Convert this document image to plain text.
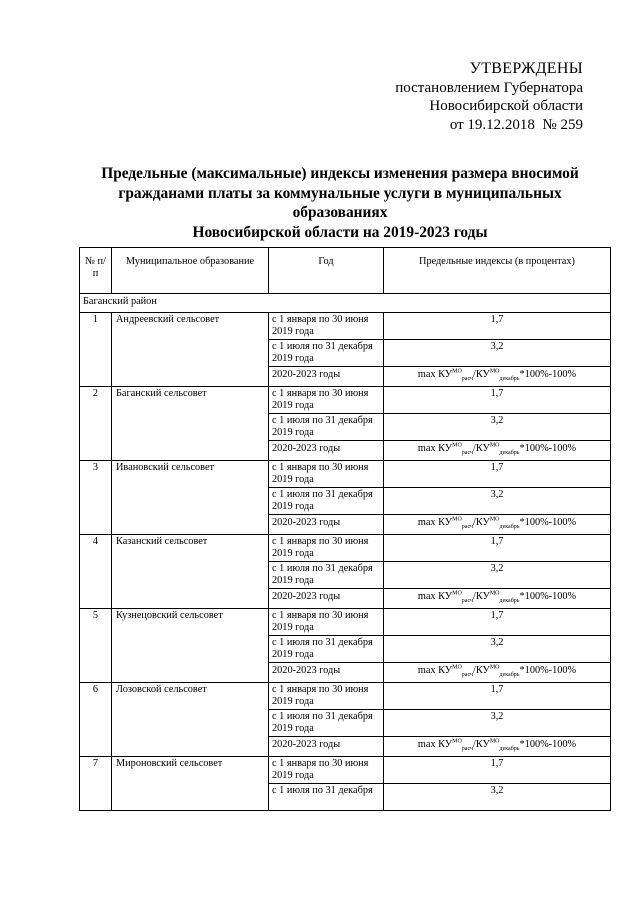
УТВЕРЖДЕНЫ
постановлением Губернатора
Новосибирской области
от 19.12.2018  № 259
Предельные (максимальные) индексы изменения размера вносимой
гражданами платы за коммунальные услуги в муниципальных образованиях
Новосибирской области на 2019-2023 годы
№ п/п	Муниципальное образование	Год	Предельные индексы (в процентах)
Баганский район			
1	Андреевский сельсовет	с 1 января по 30 июня 2019 года	1,7
		с 1 июля по 31 декабря 2019 года	3,2
		2020-2023 годы	$\max КУ^{МО}_{расч}/КУ^{МО}_{декабрь}*100\%-100\%$
2	Баганский сельсовет	с 1 января по 30 июня 2019 года	1,7
		с 1 июля по 31 декабря 2019 года	3,2
		2020-2023 годы	$\max КУ^{МО}_{расч}/КУ^{МО}_{декабрь}*100\%-100\%$
3	Ивановский сельсовет	с 1 января по 30 июня 2019 года	1,7
		с 1 июля по 31 декабря 2019 года	3,2
		2020-2023 годы	$\max КУ^{МО}_{расч}/КУ^{МО}_{декабрь}*100\%-100\%$
4	Казанский сельсовет	с 1 января по 30 июня 2019 года	1,7
		с 1 июля по 31 декабря 2019 года	3,2
		2020-2023 годы	$\max КУ^{МО}_{расч}/КУ^{МО}_{декабрь}*100\%-100\%$
5	Кузнецовский сельсовет	с 1 января по 30 июня 2019 года	1,7
		с 1 июля по 31 декабря 2019 года	3,2
		2020-2023 годы	$\max КУ^{МО}_{расч}/КУ^{МО}_{декабрь}*100\%-100\%$
6	Лозовской сельсовет	с 1 января по 30 июня 2019 года	1,7
		с 1 июля по 31 декабря 2019 года	3,2
		2020-2023 годы	$\max КУ^{МО}_{расч}/КУ^{МО}_{декабрь}*100\%-100\%$
7	Мироновский сельсовет	с 1 января по 30 июня 2019 года	1,7
		с 1 июля по 31 декабря	3,2
